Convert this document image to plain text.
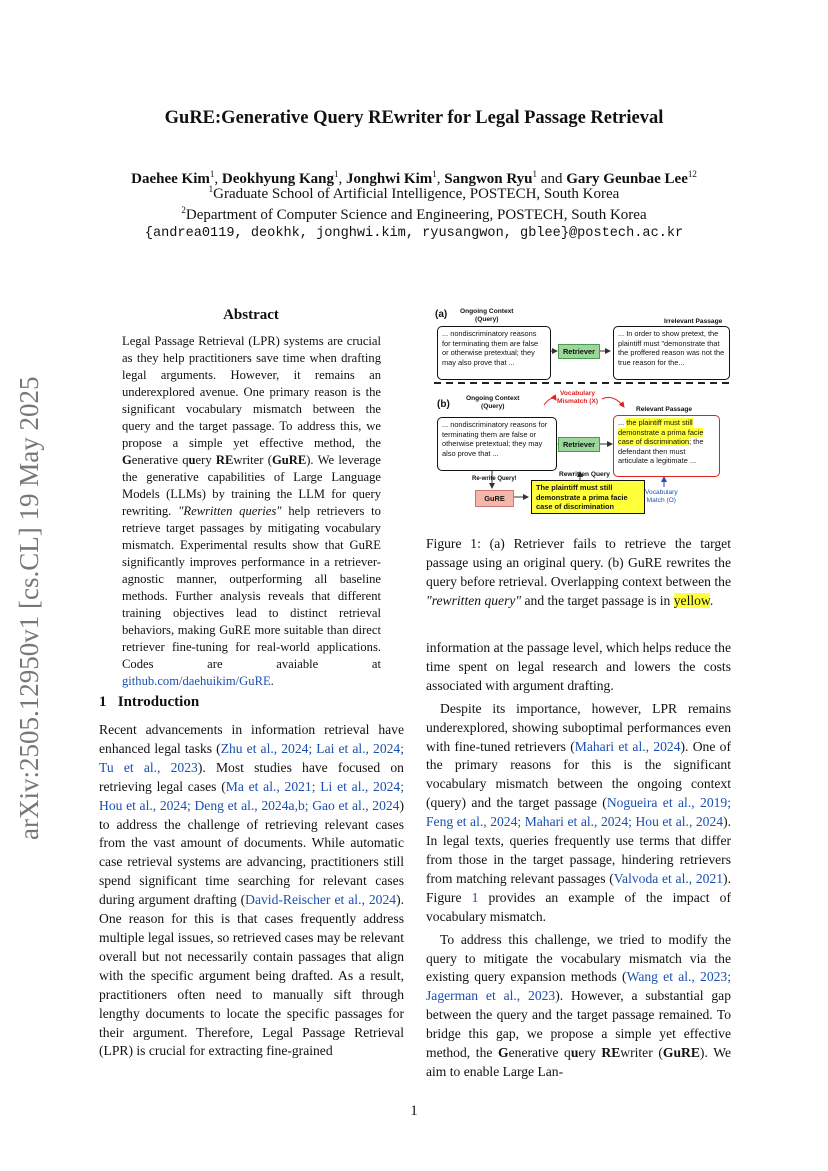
arXiv:2505.12950v1 [cs.CL] 19 May 2025
GuRE:Generative Query REwriter for Legal Passage Retrieval
Daehee Kim$^1$, Deokhyung Kang$^1$, Jonghwi Kim$^1$, Sangwon Ryu$^1$ and Gary Geunbae Lee$^{12}$
$^1$Graduate School of Artificial Intelligence, POSTECH, South Korea
$^2$Department of Computer Science and Engineering, POSTECH, South Korea
{andrea0119, deokhk, jonghwi.kim, ryusangwon, gblee}@postech.ac.kr
Abstract
Legal Passage Retrieval (LPR) systems are crucial as they help practitioners save time when drafting legal arguments. However, it remains an underexplored avenue. One primary reason is the significant vocabulary mismatch between the query and the target passage. To address this, we propose a simple yet effective method, the Generative query REwriter (GuRE). We leverage the generative capabilities of Large Language Models (LLMs) by training the LLM for query rewriting. "Rewritten queries" help retrievers to retrieve target passages by mitigating vocabulary mismatch. Experimental results show that GuRE significantly improves performance in a retriever-agnostic manner, outperforming all baseline methods. Further analysis reveals that different training objectives lead to distinct retrieval behaviors, making GuRE more suitable than direct retriever fine-tuning for real-world applications. Codes are avaiable at github.com/daehuikim/GuRE.
(a) Ongoing Context
(Query)
... nondiscriminatory reasons for terminating them are false or otherwise pretextual; they may also prove that ...
Retriever
Irrelevant Passage
... In order to show pretext, the plaintiff must "demonstrate that the proffered reason was not the true reason for the...
(b)
Ongoing Context
(Query)
Vocabulary
Mismatch (X)
... nondiscriminatory reasons for terminating them are false or otherwise pretextual; they may also prove that ...
Retriever
Relevant Passage
... the plaintiff must still demonstrate a prima facie case of discrimination; the defendant then must articulate a legitimate ...
Re-write Query!
GuRE
Rewritten Query
The plaintiff must still demonstrate a prima facie case of discrimination
Vocabulary
Match (O)
Figure 1: (a) Retriever fails to retrieve the target passage using an original query. (b) GuRE rewrites the query before retrieval. Overlapping context between the "rewritten query" and the target passage is in yellow.
1 Introduction

Recent advancements in information retrieval have enhanced legal tasks (Zhu et al., 2024; Lai et al., 2024; Tu et al., 2023). Most studies have focused on retrieving legal cases (Ma et al., 2021; Li et al., 2024; Hou et al., 2024; Deng et al., 2024a,b; Gao et al., 2024) to address the challenge of retrieving relevant cases from the vast amount of documents. While automatic case retrieval systems are advancing, practitioners still spend significant time searching for relevant cases during argument drafting (David-Reischer et al., 2024). One reason for this is that cases frequently address multiple legal issues, so retrieved cases may be relevant overall but not necessarily contain passages that align with the specific argument being drafted. As a result, practitioners often need to manually sift through lengthy documents to locate the specific passages for their argument. Therefore, Legal Passage Retrieval (LPR) is crucial for extracting fine-grained

information at the passage level, which helps reduce the time spent on legal research and lowers the costs associated with argument drafting.

Despite its importance, however, LPR remains underexplored, showing suboptimal performances even with fine-tuned retrievers (Mahari et al., 2024). One of the primary reasons for this is the significant vocabulary mismatch between the ongoing context (query) and the target passage (Nogueira et al., 2019; Feng et al., 2024; Mahari et al., 2024; Hou et al., 2024). In legal texts, queries frequently use terms that differ from those in the target passage, hindering retrievers from matching relevant passages (Valvoda et al., 2021). Figure 1 provides an example of the impact of vocabulary mismatch.

To address this challenge, we tried to modify the query to mitigate the vocabulary mismatch via the existing query expansion methods (Wang et al., 2023; Jagerman et al., 2023). However, a substantial gap between the query and the target passage remained. To bridge this gap, we propose a simple yet effective method, the Generative query REwriter (GuRE). We aim to enable Large Lan-

1
